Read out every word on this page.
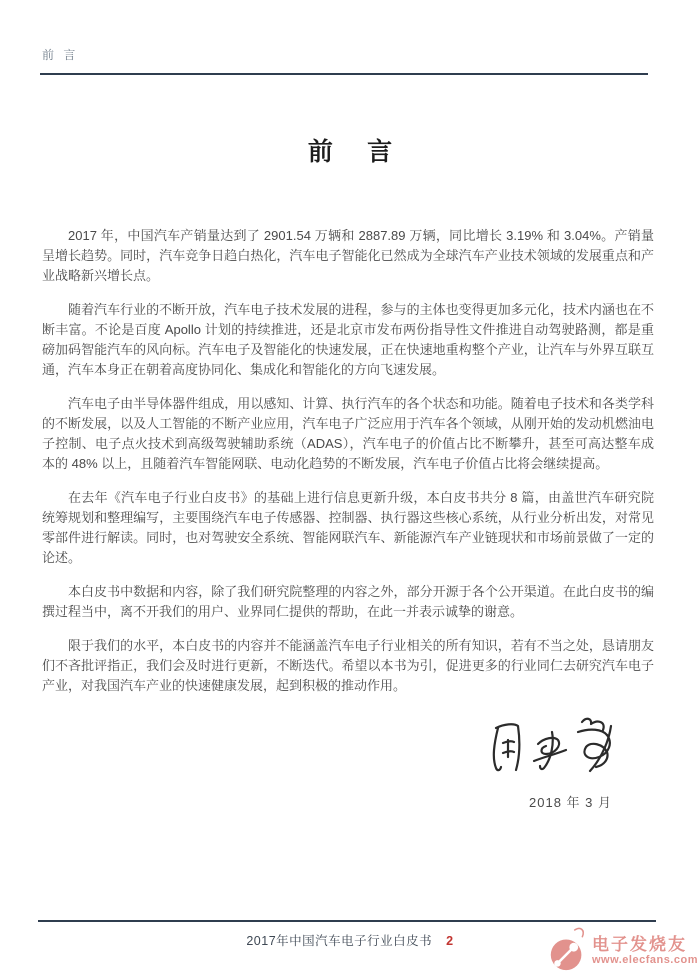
前 言
前 言

2017 年，中国汽车产销量达到了 2901.54 万辆和 2887.89 万辆，同比增长 3.19% 和 3.04%。产销量呈增长趋势。同时，汽车竞争日趋白热化，汽车电子智能化已然成为全球汽车产业技术领域的发展重点和产业战略新兴增长点。

随着汽车行业的不断开放，汽车电子技术发展的进程，参与的主体也变得更加多元化，技术内涵也在不断丰富。不论是百度 Apollo 计划的持续推进，还是北京市发布两份指导性文件推进自动驾驶路测，都是重磅加码智能汽车的风向标。汽车电子及智能化的快速发展，正在快速地重构整个产业，让汽车与外界互联互通，汽车本身正在朝着高度协同化、集成化和智能化的方向飞速发展。

汽车电子由半导体器件组成，用以感知、计算、执行汽车的各个状态和功能。随着电子技术和各类学科的不断发展，以及人工智能的不断产业应用，汽车电子广泛应用于汽车各个领域，从刚开始的发动机燃油电子控制、电子点火技术到高级驾驶辅助系统（ADAS），汽车电子的价值占比不断攀升，甚至可高达整车成本的 48% 以上，且随着汽车智能网联、电动化趋势的不断发展，汽车电子价值占比将会继续提高。

在去年《汽车电子行业白皮书》的基础上进行信息更新升级，本白皮书共分 8 篇，由盖世汽车研究院统筹规划和整理编写，主要围绕汽车电子传感器、控制器、执行器这些核心系统，从行业分析出发，对常见零部件进行解读。同时，也对驾驶安全系统、智能网联汽车、新能源汽车产业链现状和市场前景做了一定的论述。

本白皮书中数据和内容，除了我们研究院整理的内容之外，部分开源于各个公开渠道。在此白皮书的编撰过程当中，离不开我们的用户、业界同仁提供的帮助，在此一并表示诚挚的谢意。

限于我们的水平，本白皮书的内容并不能涵盖汽车电子行业相关的所有知识，若有不当之处，恳请朋友们不吝批评指正，我们会及时进行更新，不断迭代。希望以本书为引，促进更多的行业同仁去研究汽车电子产业，对我国汽车产业的快速健康发展，起到积极的推动作用。

2018 年 3 月
2017年中国汽车电子行业白皮书 2	电子发烧友
www.elecfans.com
